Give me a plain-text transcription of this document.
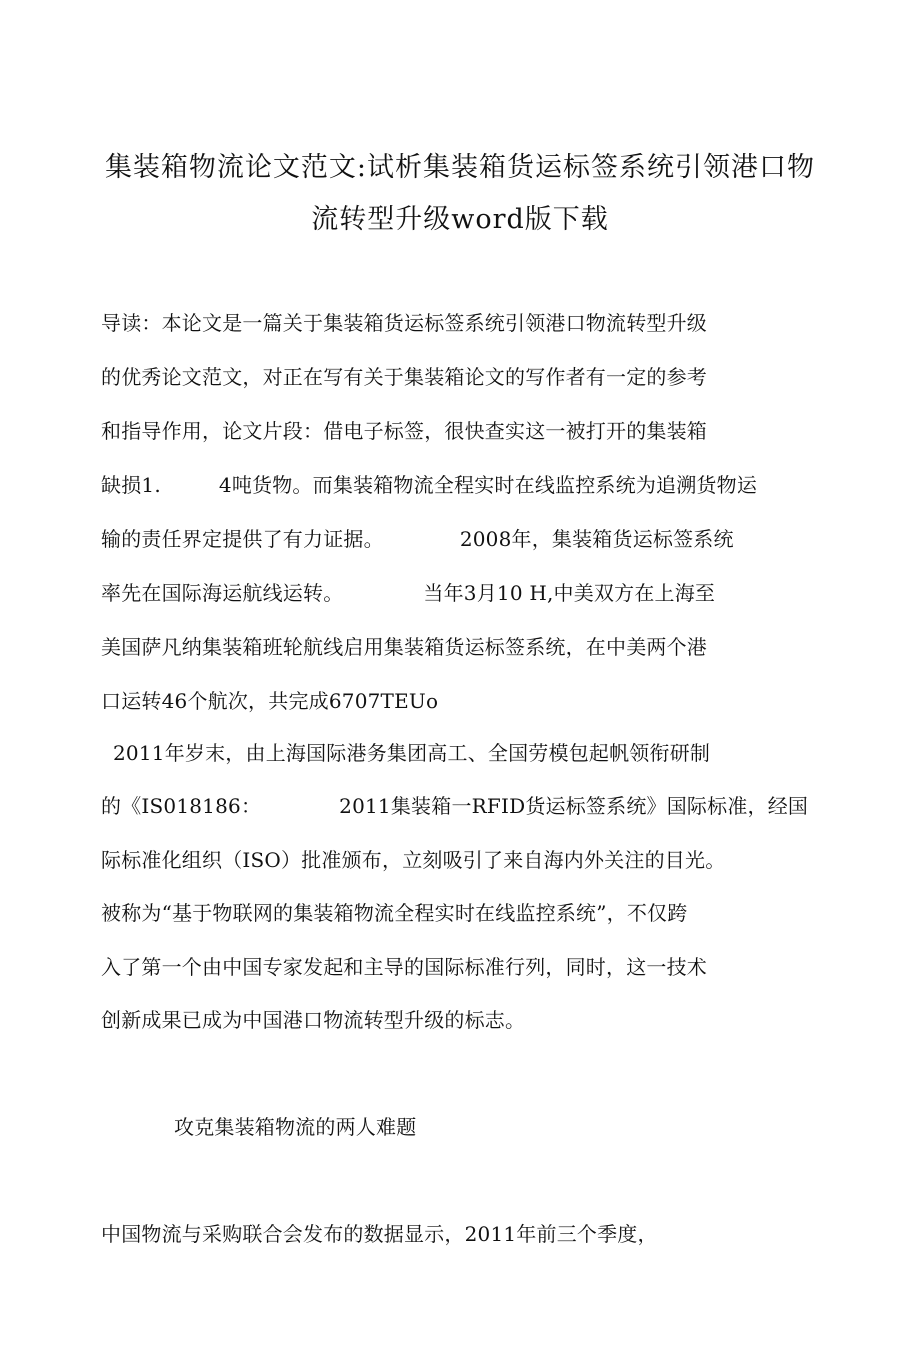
集装箱物流论文范文:试析集装箱货运标签系统引领港口物
流转型升级word版下载
导读：本论文是一篇关于集装箱货运标签系统引领港口物流转型升级
的优秀论文范文，对正在写有关于集装箱论文的写作者有一定的参考
和指导作用，论文片段：借电子标签，很快查实这一被打开的集装箱
缺损1.	4吨货物。而集装箱物流全程实时在线监控系统为追溯货物运
输的责任界定提供了有力证据。	2008年，集装箱货运标签系统
率先在国际海运航线运转。	当年3月10 H,中美双方在上海至
美国萨凡纳集装箱班轮航线启用集装箱货运标签系统，在中美两个港
口运转46个航次，共完成6707TEUo
2011年岁末，由上海国际港务集团高工、全国劳模包起帆领衔研制
的《IS018186：	2011集装箱一RFID货运标签系统》国际标准，经国
际标准化组织（ISO）批准颁布，立刻吸引了来自海内外关注的目光。
被称为“基于物联网的集装箱物流全程实时在线监控系统”，不仅跨
入了第一个由中国专家发起和主导的国际标准行列，同时，这一技术
创新成果已成为中国港口物流转型升级的标志。
攻克集装箱物流的两人难题
中国物流与采购联合会发布的数据显示，2011年前三个季度，
